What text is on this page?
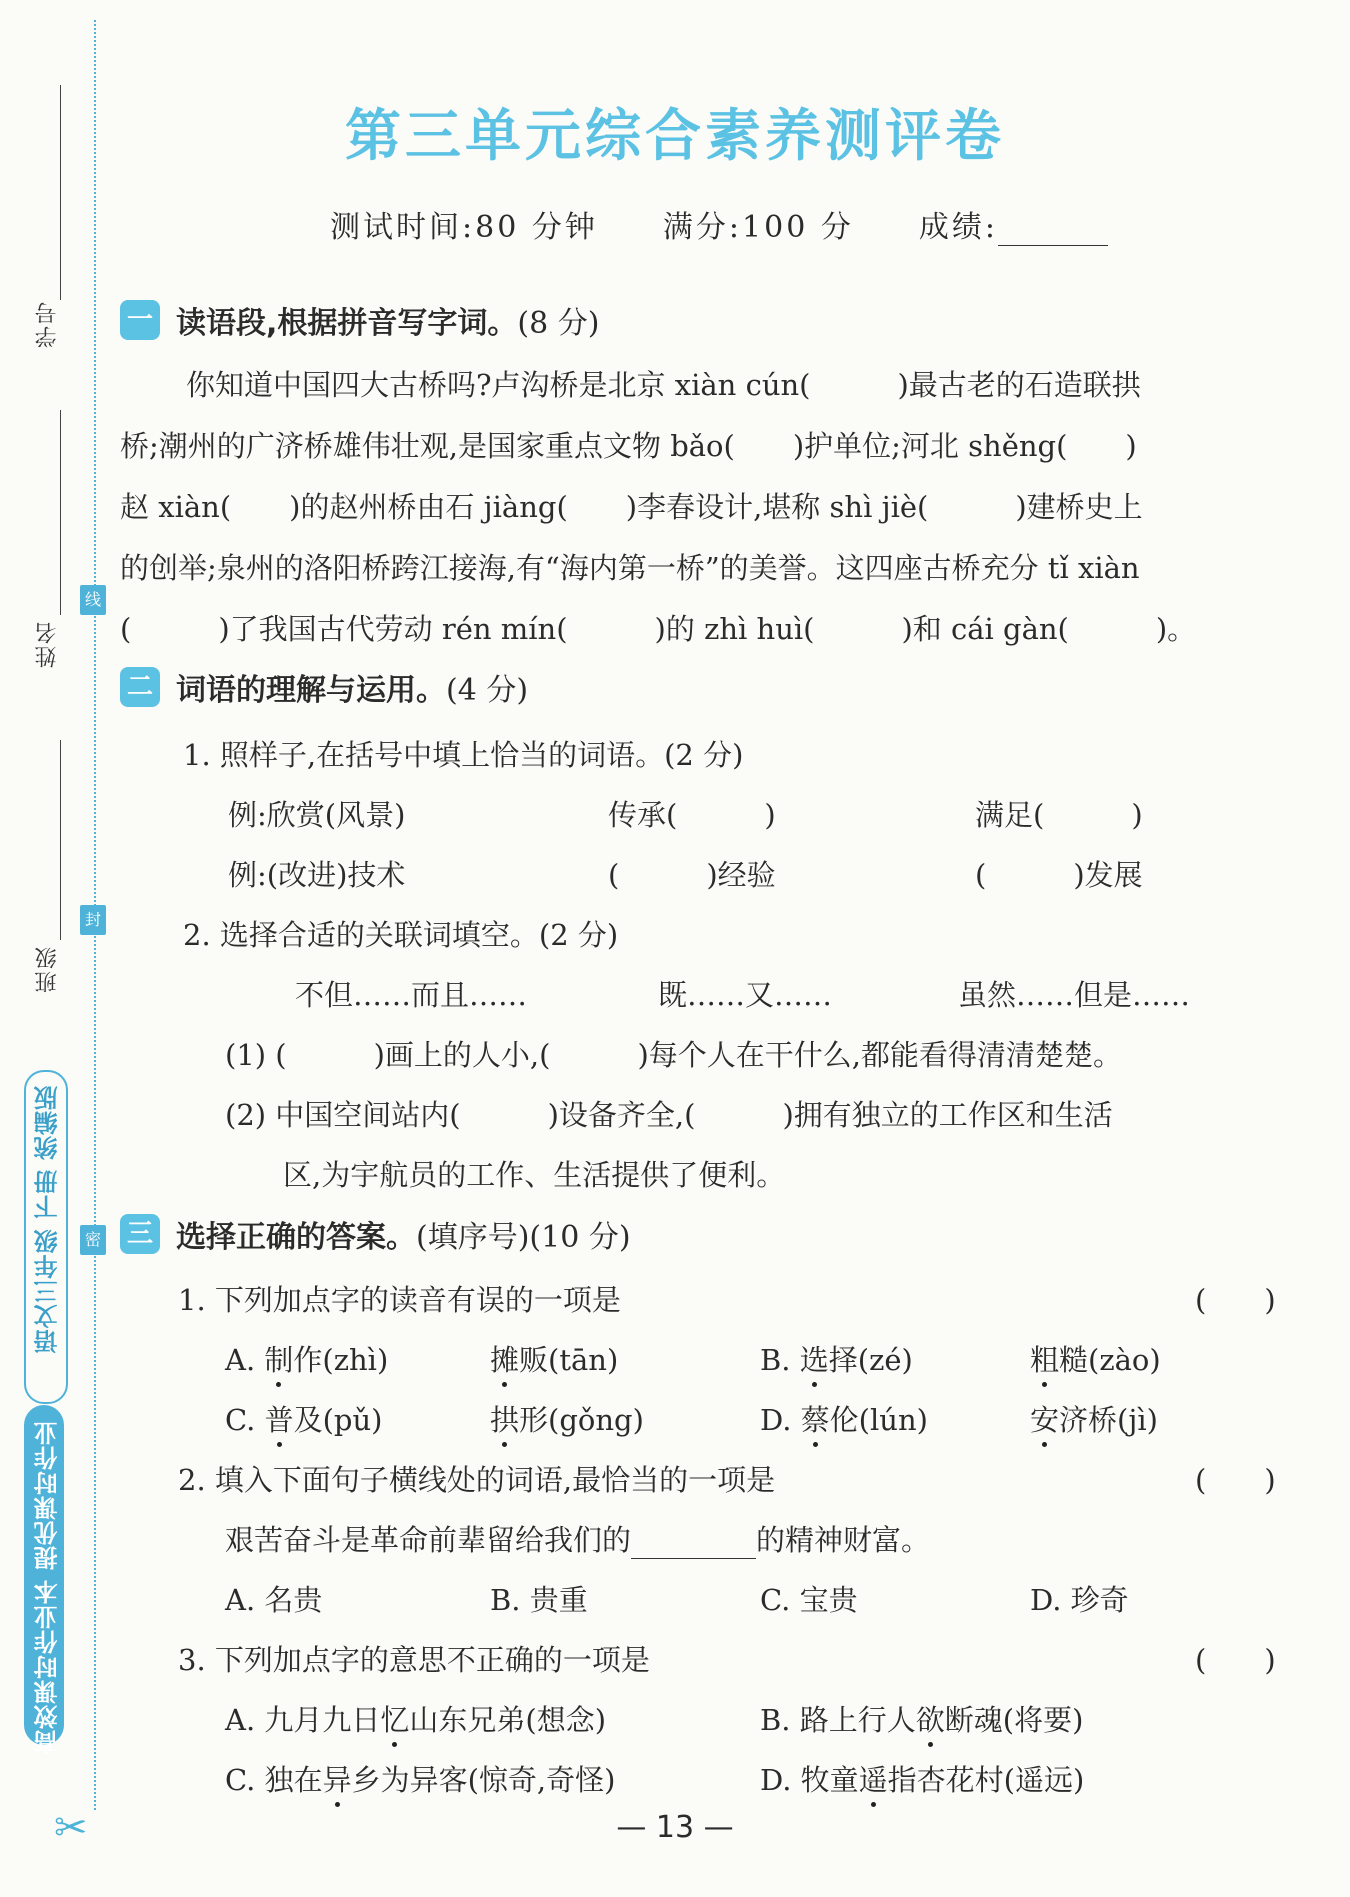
线
封
密
学号
姓名
班级
语文三年级 下册 统编版
高效课时作业本 提优课时作业
✂
第三单元综合素养测评卷
测试时间:80 分钟 满分:100 分 成绩:
一 读语段,根据拼音写字词。 (8 分)
你知道中国四大古桥吗?卢沟桥是北京 xiàn cún(　　　)最古老的石造联拱
桥;潮州的广济桥雄伟壮观,是国家重点文物 bǎo(　　)护单位;河北 shěng(　　)
赵 xiàn(　　)的赵州桥由石 jiàng(　　)李春设计,堪称 shì jiè(　　　)建桥史上
的创举;泉州的洛阳桥跨江接海,有“海内第一桥”的美誉。这四座古桥充分 tǐ xiàn
(　　　)了我国古代劳动 rén mín(　　　)的 zhì huì(　　　)和 cái gàn(　　　)。
二 词语的理解与运用。 (4 分)
1. 照样子,在括号中填上恰当的词语。(2 分)
例:欣赏(风景)	传承(　　　)	满足(　　　)
例:(改进)技术	(　　　)经验	(　　　)发展
2. 选择合适的关联词填空。(2 分)
不但……而且……	既……又……	虽然……但是……
(1) (　　　)画上的人小,(　　　)每个人在干什么,都能看得清清楚楚。
(2) 中国空间站内(　　　)设备齐全,(　　　)拥有独立的工作区和生活
区,为宇航员的工作、生活提供了便利。
三 选择正确的答案。 (填序号)(10 分)
1. 下列加点字的读音有误的一项是	(　　)
A. 制作(zhì)	摊贩(tān)	B. 选择(zé)	粗糙(zào)
C. 普及(pǔ)	拱形(gǒng)	D. 蔡伦(lún)	安济桥(jì)
2. 填入下面句子横线处的词语,最恰当的一项是	(　　)
艰苦奋斗是革命前辈留给我们的	的精神财富。
A. 名贵	B. 贵重	C. 宝贵	D. 珍奇
3. 下列加点字的意思不正确的一项是	(　　)
A. 九月九日忆山东兄弟(想念)	B. 路上行人欲断魂(将要)
C. 独在异乡为异客(惊奇,奇怪)	D. 牧童遥指杏花村(遥远)
— 13 —
